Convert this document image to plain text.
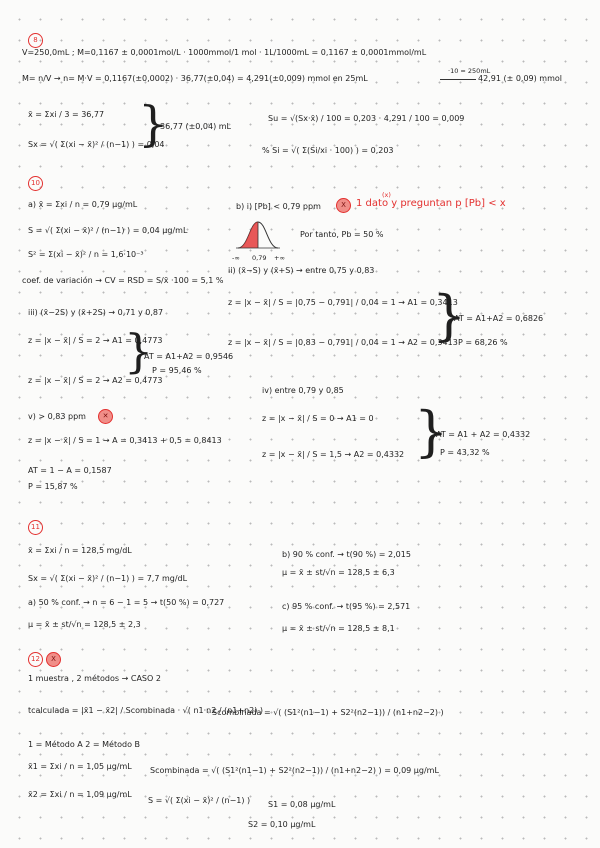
8
V=250,0mL ; M=0,1167 ± 0,0001mol/L · 1000mmol/1 mol · 1L/1000mL = 0,1167 ± 0,0001mmol/mL
M= n/V → n= M·V = 0,1167(±0,0002) · 36,77(±0,04) = 4,291(±0,009) mmol en 25mL
·10 = 250mL
42,91 (± 0,09) mmol
x̄ = Σxi / 3 = 36,77
Sx = √( Σ(xi − x̄)² / (n−1) ) = 0,04
}
36,77 (±0,04) mL
Su = √(Sx·x̄) / 100 = 0,203 · 4,291 / 100 = 0,009
% Si = √( Σ(Si/xi · 100) ) = 0,203
10
a) x̄ = Σxi / n = 0,79 μg/mL
S = √( Σ(xi − x̄)² / (n−1) ) = 0,04 μg/mL
S² = Σ(xi − x̄)² / n = 1,6·10⁻³
coef. de variación → CV = RSD = S/x̄ ·100 = 5,1 %
iii) (x̄−2S) y (x̄+2S) → 0,71 y 0,87
z = |x − x̄| / S = 2 → A1 = 0,4773
z = |x − x̄| / S = 2 → A2 = 0,4773
}
AT = A1+A2 = 0,9546
P = 95,46 %
v) > 0,83 ppm	✕
z = |x − x̄| / S = 1 → A = 0,3413 + 0,5 = 0,8413
AT = 1 − A = 0,1587
P = 15,87 %
b) i) [Pb] < 0,79 ppm	X	1 dato y preguntan p [Pb] < x
(x)
-∞ 0,79 +∞
Por tanto, Pb = 50 %
ii) (x̄−S) y (x̄+S) → entre 0,75 y 0,83
z = |x − x̄| / S = |0,75 − 0,791| / 0,04 = 1 → A1 = 0,3413
z = |x − x̄| / S = |0,83 − 0,791| / 0,04 = 1 → A2 = 0,3413
}
AT = A1+A2 = 0,6826
P = 68,26 %
iv) entre 0,79 y 0,85
z = |x − x̄| / S = 0 → A1 = 0
z = |x − x̄| / S = 1,5 → A2 = 0,4332 }
AT = A1 + A2 = 0,4332
P = 43,32 %
11
x̄ = Σxi / n = 128,5 mg/dL
Sx = √( Σ(xi − x̄)² / (n−1) ) = 7,7 mg/dL
a) 50 % conf. → n = 6 − 1 = 5 → t(50 %) = 0,727
μ = x̄ ± st/√n = 128,5 ± 2,3
b) 90 % conf. → t(90 %) = 2,015
μ = x̄ ± st/√n = 128,5 ± 6,3
c) 95 % conf. → t(95 %) = 2,571
μ = x̄ ± st/√n = 128,5 ± 8,1
12	X
1 muestra , 2 métodos → CASO 2
tcalculada = |x̄1 − x̄2| / Scombinada · √( n1·n2 / (n1+n2) )
Scombinada = √( (S1²(n1−1) + S2²(n2−1)) / (n1+n2−2) )
1 = Método A 2 = Método B
x̄1 = Σxi / n = 1,05 μg/mL
x̄2 = Σxi / n = 1,09 μg/mL
Scombinada = √( (S1²(n1−1) + S2²(n2−1)) / (n1+n2−2) ) = 0,09 μg/mL
S = √( Σ(xi − x̄)² / (n−1) ) S1 = 0,08 μg/mL
S2 = 0,10 μg/mL
